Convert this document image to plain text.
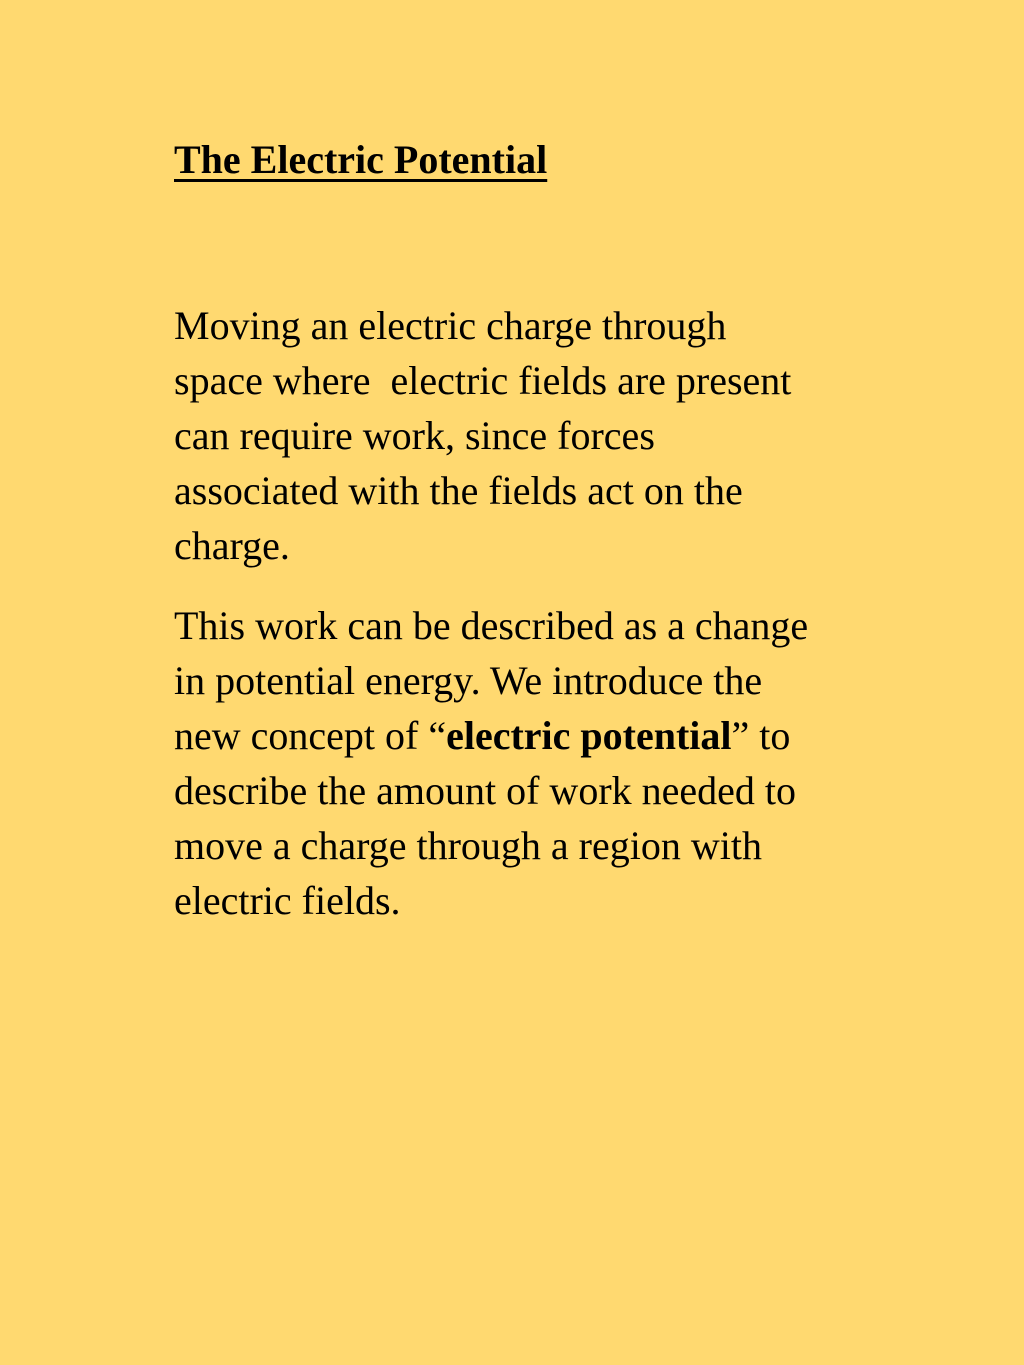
The Electric Potential

Moving an electric charge through
space where  electric fields are present
can require work, since forces
associated with the fields act on the
charge.

This work can be described as a change
in potential energy. We introduce the
new concept of “electric potential” to
describe the amount of work needed to
move a charge through a region with
electric fields.
